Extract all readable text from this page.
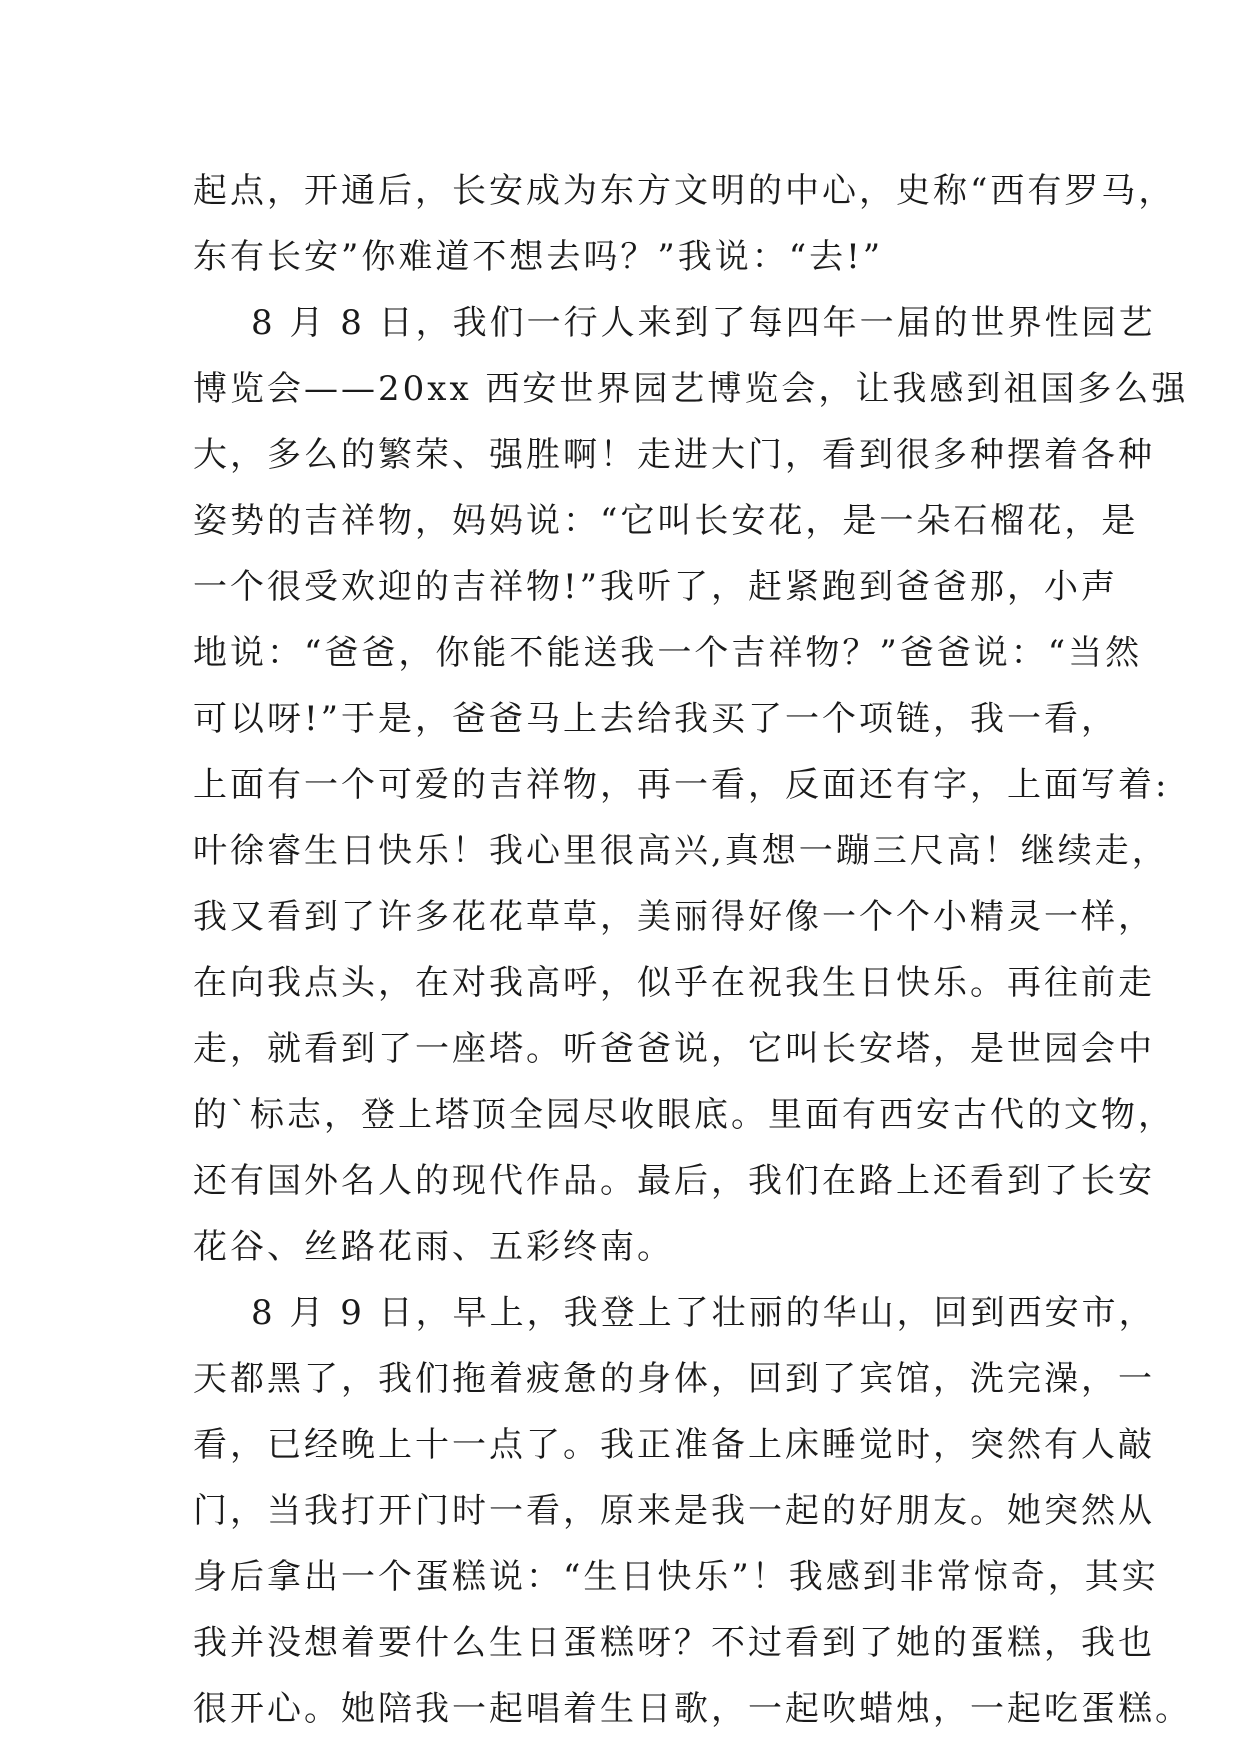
起点，开通后，长安成为东方文明的中心，史称“西有罗马，
东有长安”你难道不想去吗？”我说：“去!”
8 月 8 日，我们一行人来到了每四年一届的世界性园艺
博览会——20xx 西安世界园艺博览会，让我感到祖国多么强
大，多么的繁荣、强胜啊！走进大门，看到很多种摆着各种
姿势的吉祥物，妈妈说：“它叫长安花，是一朵石榴花，是
一个很受欢迎的吉祥物!”我听了，赶紧跑到爸爸那，小声
地说：“爸爸，你能不能送我一个吉祥物？”爸爸说：“当然
可以呀!”于是，爸爸马上去给我买了一个项链，我一看，
上面有一个可爱的吉祥物，再一看，反面还有字，上面写着:
叶徐睿生日快乐！我心里很高兴,真想一蹦三尺高！继续走，
我又看到了许多花花草草，美丽得好像一个个小精灵一样，
在向我点头，在对我高呼，似乎在祝我生日快乐。再往前走
走，就看到了一座塔。听爸爸说，它叫长安塔，是世园会中
的`标志，登上塔顶全园尽收眼底。里面有西安古代的文物，
还有国外名人的现代作品。最后，我们在路上还看到了长安
花谷、丝路花雨、五彩终南。
8 月 9 日，早上，我登上了壮丽的华山，回到西安市，
天都黑了，我们拖着疲惫的身体，回到了宾馆，洗完澡，一
看，已经晚上十一点了。我正准备上床睡觉时，突然有人敲
门，当我打开门时一看，原来是我一起的好朋友。她突然从
身后拿出一个蛋糕说：“生日快乐”！我感到非常惊奇，其实
我并没想着要什么生日蛋糕呀？不过看到了她的蛋糕，我也
很开心。她陪我一起唱着生日歌，一起吹蜡烛，一起吃蛋糕。
